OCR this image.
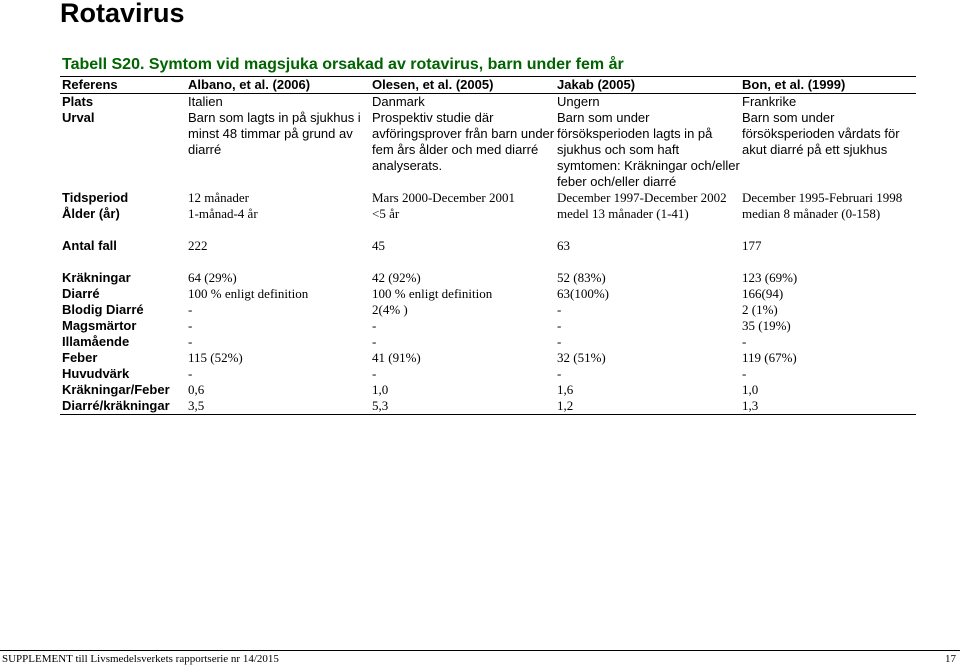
Rotavirus

Tabell S20. Symtom vid magsjuka orsakad av rotavirus, barn under fem år

Referens	Albano, et al. (2006)	Olesen, et al. (2005)	Jakab (2005)	Bon, et al. (1999)
Plats	Italien	Danmark	Ungern	Frankrike
Urval	Barn som lagts in på sjukhus i minst 48 timmar på grund av diarré	Prospektiv studie där avföringsprover från barn under fem års ålder och med diarré analyserats.	Barn som under försöksperioden lagts in på sjukhus och som haft symtomen: Kräkningar och/eller feber och/eller diarré	Barn som under försöksperioden vårdats för akut diarré på ett sjukhus
Tidsperiod	12 månader	Mars 2000-December 2001	December 1997-December 2002	December 1995-Februari 1998
Ålder (år)	1-månad-4 år	<5 år	medel 13 månader (1-41)	median 8 månader (0-158)
Antal fall	222	45	63	177
Kräkningar	64 (29%)	42 (92%)	52 (83%)	123 (69%)
Diarré	100 % enligt definition	100 % enligt definition	63(100%)	166(94)
Blodig Diarré	-	2(4% )	-	2 (1%)
Magsmärtor	-	-	-	35 (19%)
Illamående	-	-	-	-
Feber	115 (52%)	41 (91%)	32 (51%)	119 (67%)
Huvudvärk	-	-	-	-
Kräkningar/Feber	0,6	1,0	1,6	1,0
Diarré/kräkningar	3,5	5,3	1,2	1,3
SUPPLEMENT till Livsmedelsverkets rapportserie nr 14/2015	17
